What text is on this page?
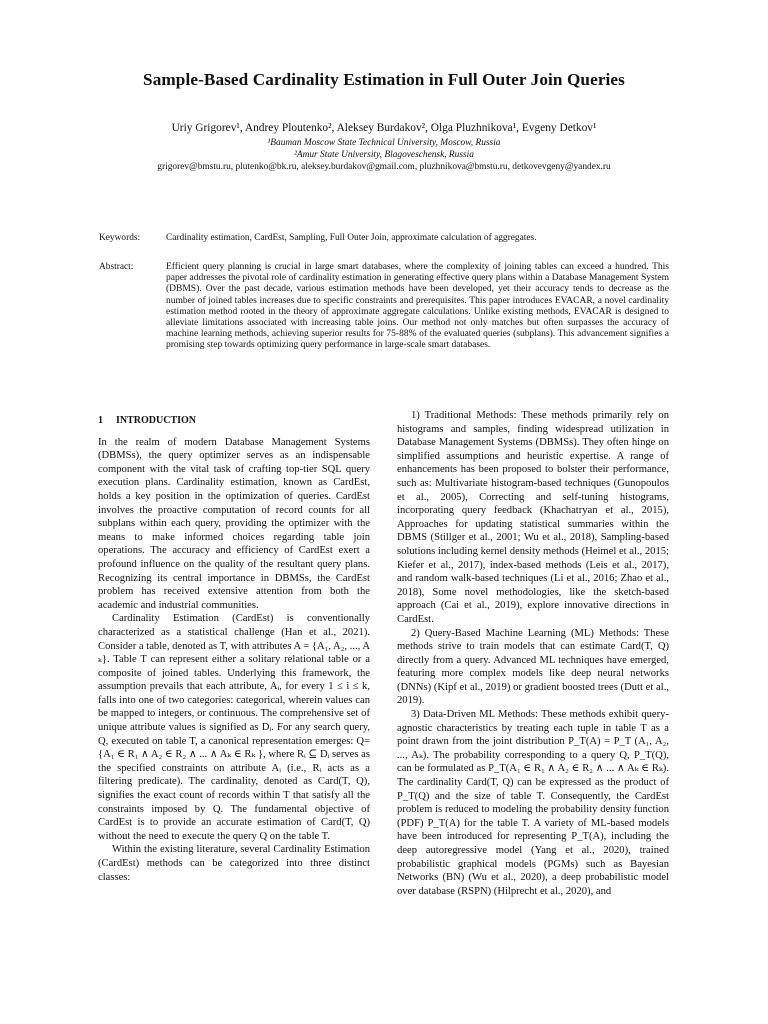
Sample-Based Cardinality Estimation in Full Outer Join Queries
Uriy Grigorev¹, Andrey Ploutenko², Aleksey Burdakov², Olga Pluzhnikova¹, Evgeny Detkov¹
¹Bauman Moscow State Technical University, Moscow, Russia
²Amur State University, Blagoveschensk, Russia
grigorev@bmstu.ru, plutenko@bk.ru, aleksey.burdakov@gmail.com, pluzhnikova@bmstu.ru, detkovevgeny@yandex.ru
Keywords:	Cardinality estimation, CardEst, Sampling, Full Outer Join, approximate calculation of aggregates.
Abstract:	Efficient query planning is crucial in large smart databases, where the complexity of joining tables can exceed a hundred. This paper addresses the pivotal role of cardinality estimation in generating effective query plans within a Database Management System (DBMS). Over the past decade, various estimation methods have been developed, yet their accuracy tends to decrease as the number of joined tables increases due to specific constraints and prerequisites. This paper introduces EVACAR, a novel cardinality estimation method rooted in the theory of approximate aggregate calculations. Unlike existing methods, EVACAR is designed to alleviate limitations associated with increasing table joins. Our method not only matches but often surpasses the accuracy of machine learning methods, achieving superior results for 75-88% of the evaluated queries (subplans). This advancement signifies a promising step towards optimizing query performance in large-scale smart databases.

1 INTRODUCTION

In the realm of modern Database Management Systems (DBMSs), the query optimizer serves as an indispensable component with the vital task of crafting top-tier SQL query execution plans. Cardinality estimation, known as CardEst, holds a key position in the optimization of queries. CardEst involves the proactive computation of record counts for all subplans within each query, providing the optimizer with the means to make informed choices regarding table join operations. The accuracy and efficiency of CardEst exert a profound influence on the quality of the resultant query plans. Recognizing its central importance in DBMSs, the CardEst problem has received extensive attention from both the academic and industrial communities.

Cardinality Estimation (CardEst) is conventionally characterized as a statistical challenge (Han et al., 2021). Consider a table, denoted as T, with attributes A = {A₁, A₂, ..., A ₖ}. Table T can represent either a solitary relational table or a composite of joined tables. Underlying this framework, the assumption prevails that each attribute, Aᵢ, for every 1 ≤ i ≤ k, falls into one of two categories: categorical, wherein values can be mapped to integers, or continuous. The comprehensive set of unique attribute values is signified as Dᵢ. For any search query, Q, executed on table T, a canonical representation emerges: Q={A₁ ∈ R₁ ∧ A₂ ∈ R₂ ∧ ... ∧ Aₖ ∈ Rₖ }, where Rᵢ ⊆ Dᵢ serves as the specified constraints on attribute Aᵢ (i.e., Rᵢ acts as a filtering predicate). The cardinality, denoted as Card(T, Q), signifies the exact count of records within T that satisfy all the constraints imposed by Q. The fundamental objective of CardEst is to provide an accurate estimation of Card(T, Q) without the need to execute the query Q on the table T.

Within the existing literature, several Cardinality Estimation (CardEst) methods can be categorized into three distinct classes:

1) Traditional Methods: These methods primarily rely on histograms and samples, finding widespread utilization in Database Management Systems (DBMSs). They often hinge on simplified assumptions and heuristic expertise. A range of enhancements has been proposed to bolster their performance, such as: Multivariate histogram-based techniques (Gunopoulos et al., 2005), Correcting and self-tuning histograms, incorporating query feedback (Khachatryan et al., 2015), Approaches for updating statistical summaries within the DBMS (Stillger et al., 2001; Wu et al., 2018), Sampling-based solutions including kernel density methods (Heimel et al., 2015; Kiefer et al., 2017), index-based methods (Leis et al., 2017), and random walk-based techniques (Li et al., 2016; Zhao et al., 2018), Some novel methodologies, like the sketch-based approach (Cai et al., 2019), explore innovative directions in CardEst.

2) Query-Based Machine Learning (ML) Methods: These methods strive to train models that can estimate Card(T, Q) directly from a query. Advanced ML techniques have emerged, featuring more complex models like deep neural networks (DNNs) (Kipf et al., 2019) or gradient boosted trees (Dutt et al., 2019).

3) Data-Driven ML Methods: These methods exhibit query-agnostic characteristics by treating each tuple in table T as a point drawn from the joint distribution P_T(A) = P_T (A₁, A₂, ..., Aₖ). The probability corresponding to a query Q, P_T(Q), can be formulated as P_T(A₁ ∈ R₁ ∧ A₂ ∈ R₂ ∧ ... ∧ Aₖ ∈ Rₖ). The cardinality Card(T, Q) can be expressed as the product of P_T(Q) and the size of table T. Consequently, the CardEst problem is reduced to modeling the probability density function (PDF) P_T(A) for the table T. A variety of ML-based models have been introduced for representing P_T(A), including the deep autoregressive model (Yang et al., 2020), trained probabilistic graphical models (PGMs) such as Bayesian Networks (BN) (Wu et al., 2020), a deep probabilistic model over database (RSPN) (Hilprecht et al., 2020), and
